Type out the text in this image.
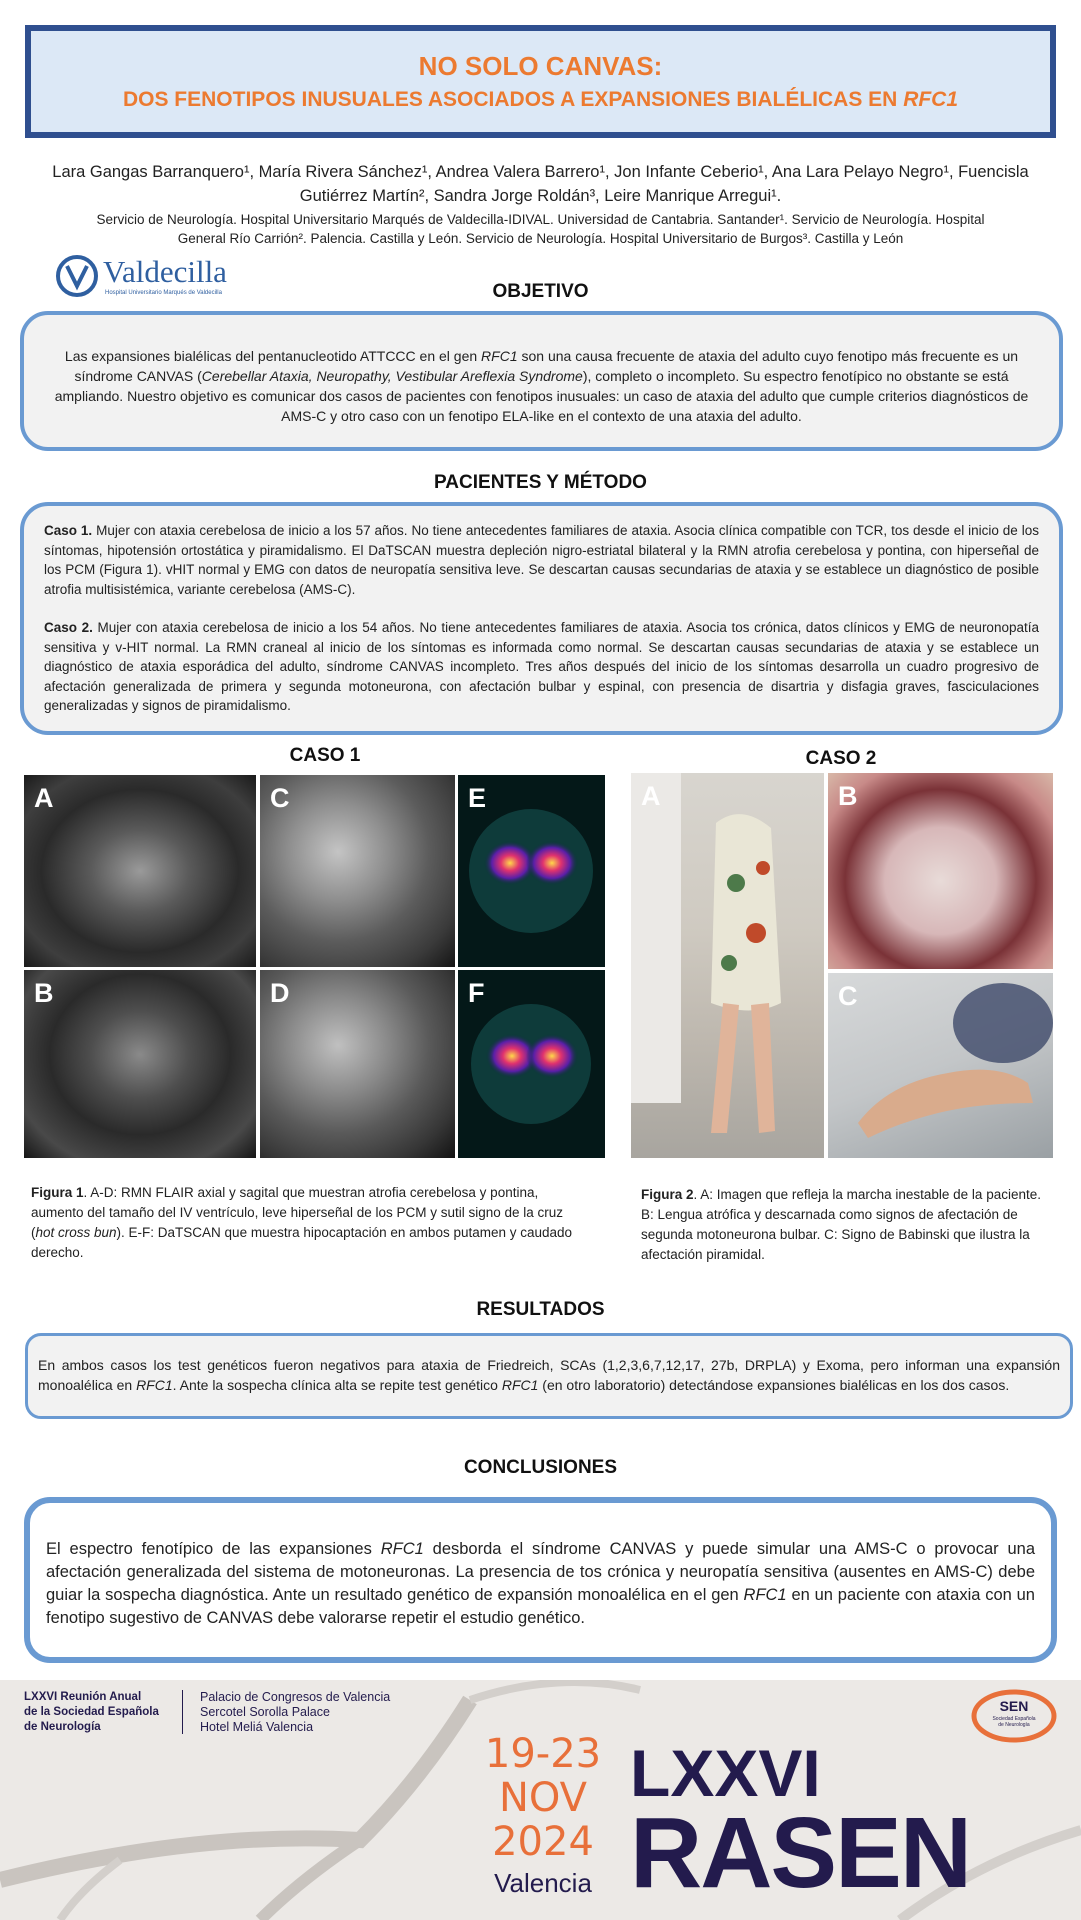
NO SOLO CANVAS:
DOS FENOTIPOS INUSUALES ASOCIADOS A EXPANSIONES BIALÉLICAS EN RFC1
Lara Gangas Barranquero¹, María Rivera Sánchez¹, Andrea Valera Barrero¹, Jon Infante Ceberio¹, Ana Lara Pelayo Negro¹, Fuencisla
Gutiérrez Martín², Sandra Jorge Roldán³, Leire Manrique Arregui¹.
Servicio de Neurología. Hospital Universitario Marqués de Valdecilla-IDIVAL. Universidad de Cantabria. Santander¹. Servicio de Neurología. Hospital
General Río Carrión². Palencia. Castilla y León. Servicio de Neurología. Hospital Universitario de Burgos³. Castilla y León
Valdecilla
Hospital Universitario Marqués de Valdecilla	OBJETIVO
Las expansiones bialélicas del pentanucleotido ATTCCC en el gen RFC1 son una causa frecuente de ataxia del adulto cuyo fenotipo más frecuente es un síndrome CANVAS (Cerebellar Ataxia, Neuropathy, Vestibular Areflexia Syndrome), completo o incompleto. Su espectro fenotípico no obstante se está ampliando. Nuestro objetivo es comunicar dos casos de pacientes con fenotipos inusuales: un caso de ataxia del adulto que cumple criterios diagnósticos de AMS-C y otro caso con un fenotipo ELA-like en el contexto de una ataxia del adulto.
PACIENTES Y MÉTODO

Caso 1. Mujer con ataxia cerebelosa de inicio a los 57 años. No tiene antecedentes familiares de ataxia. Asocia clínica compatible con TCR, tos desde el inicio de los síntomas, hipotensión ortostática y piramidalismo. El DaTSCAN muestra depleción nigro-estriatal bilateral y la RMN atrofia cerebelosa y pontina, con hiperseñal de los PCM (Figura 1). vHIT normal y EMG con datos de neuropatía sensitiva leve. Se descartan causas secundarias de ataxia y se establece un diagnóstico de posible atrofia multisistémica, variante cerebelosa (AMS-C).

Caso 2. Mujer con ataxia cerebelosa de inicio a los 54 años. No tiene antecedentes familiares de ataxia. Asocia tos crónica, datos clínicos y EMG de neuronopatía sensitiva y v-HIT normal. La RMN craneal al inicio de los síntomas es informada como normal. Se descartan causas secundarias de ataxia y se establece un diagnóstico de ataxia esporádica del adulto, síndrome CANVAS incompleto. Tres años después del inicio de los síntomas desarrolla un cuadro progresivo de afectación generalizada de primera y segunda motoneurona, con afectación bulbar y espinal, con presencia de disartria y disfagia graves, fasciculaciones generalizadas y signos de piramidalismo.

CASO 1
A
B
C
D
E
F
Figura 1. A-D: RMN FLAIR axial y sagital que muestran atrofia cerebelosa y pontina, aumento del tamaño del IV ventrículo, leve hiperseñal de los PCM y sutil signo de la cruz (hot cross bun). E-F: DaTSCAN que muestra hipocaptación en ambos putamen y caudado derecho.
CASO 2
A	B
C
Figura 2. A: Imagen que refleja la marcha inestable de la paciente. B: Lengua atrófica y descarnada como signos de afectación de segunda motoneurona bulbar. C: Signo de Babinski que ilustra la afectación piramidal.
RESULTADOS
En ambos casos los test genéticos fueron negativos para ataxia de Friedreich, SCAs (1,2,3,6,7,12,17, 27b, DRPLA) y Exoma, pero informan una expansión monoalélica en RFC1. Ante la sospecha clínica alta se repite test genético RFC1 (en otro laboratorio) detectándose expansiones bialélicas en los dos casos.
CONCLUSIONES
El espectro fenotípico de las expansiones RFC1 desborda el síndrome CANVAS y puede simular una AMS-C o provocar una afectación generalizada del sistema de motoneuronas. La presencia de tos crónica y neuropatía sensitiva (ausentes en AMS-C) debe guiar la sospecha diagnóstica. Ante un resultado genético de expansión monoalélica en el gen RFC1 en un paciente con ataxia con un fenotipo sugestivo de CANVAS debe valorarse repetir el estudio genético.
LXXVI Reunión Anual
de la Sociedad Española
de Neurología
Palacio de Congresos de Valencia
Sercotel Sorolla Palace
Hotel Meliá Valencia
19-23
NOV
2024
Valencia
LXXVI
RASEN
SEN
Sociedad Española
de Neurología
